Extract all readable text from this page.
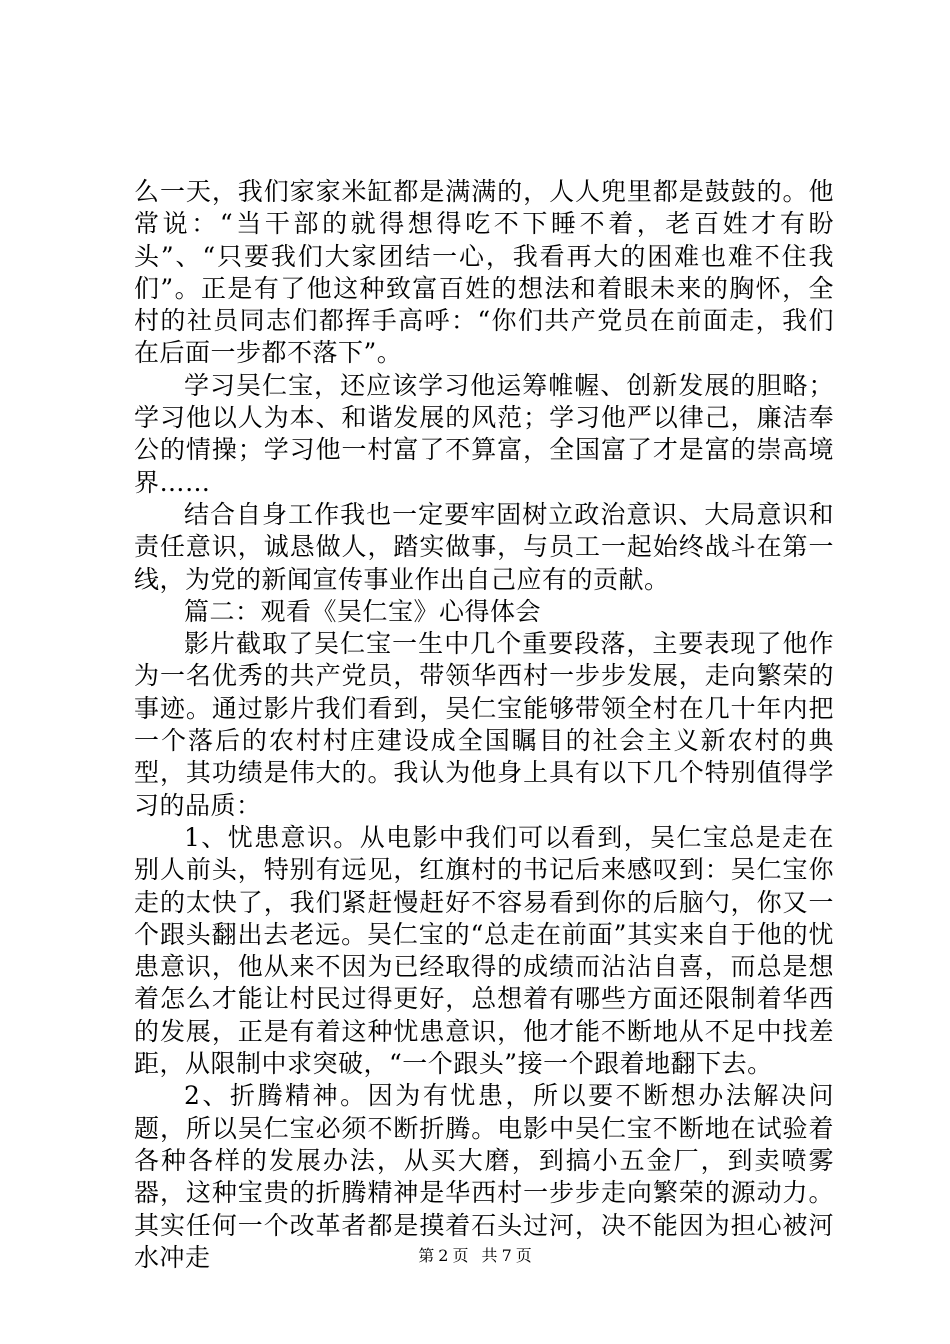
么一天，我们家家米缸都是满满的，人人兜里都是鼓鼓的。他常说：“当干部的就得想得吃不下睡不着，老百姓才有盼头”、“只要我们大家团结一心，我看再大的困难也难不住我们”。正是有了他这种致富百姓的想法和着眼未来的胸怀，全村的社员同志们都挥手高呼：“你们共产党员在前面走，我们在后面一步都不落下”。

学习吴仁宝，还应该学习他运筹帷幄、创新发展的胆略；学习他以人为本、和谐发展的风范；学习他严以律己，廉洁奉公的情操；学习他一村富了不算富，全国富了才是富的崇高境界……

结合自身工作我也一定要牢固树立政治意识、大局意识和责任意识，诚恳做人，踏实做事，与员工一起始终战斗在第一线，为党的新闻宣传事业作出自己应有的贡献。

篇二：观看《吴仁宝》心得体会

影片截取了吴仁宝一生中几个重要段落，主要表现了他作为一名优秀的共产党员，带领华西村一步步发展，走向繁荣的事迹。通过影片我们看到，吴仁宝能够带领全村在几十年内把一个落后的农村村庄建设成全国瞩目的社会主义新农村的典型，其功绩是伟大的。我认为他身上具有以下几个特别值得学习的品质：

1、忧患意识。从电影中我们可以看到，吴仁宝总是走在别人前头，特别有远见，红旗村的书记后来感叹到：吴仁宝你走的太快了，我们紧赶慢赶好不容易看到你的后脑勺，你又一个跟头翻出去老远。吴仁宝的“总走在前面”其实来自于他的忧患意识，他从来不因为已经取得的成绩而沾沾自喜，而总是想着怎么才能让村民过得更好，总想着有哪些方面还限制着华西的发展，正是有着这种忧患意识，他才能不断地从不足中找差距，从限制中求突破，“一个跟头”接一个跟着地翻下去。

2、折腾精神。因为有忧患，所以要不断想办法解决问题，所以吴仁宝必须不断折腾。电影中吴仁宝不断地在试验着各种各样的发展办法，从买大磨，到搞小五金厂，到卖喷雾器，这种宝贵的折腾精神是华西村一步步走向繁荣的源动力。其实任何一个改革者都是摸着石头过河，决不能因为担心被河水冲走	第 2 页 共 7 页
